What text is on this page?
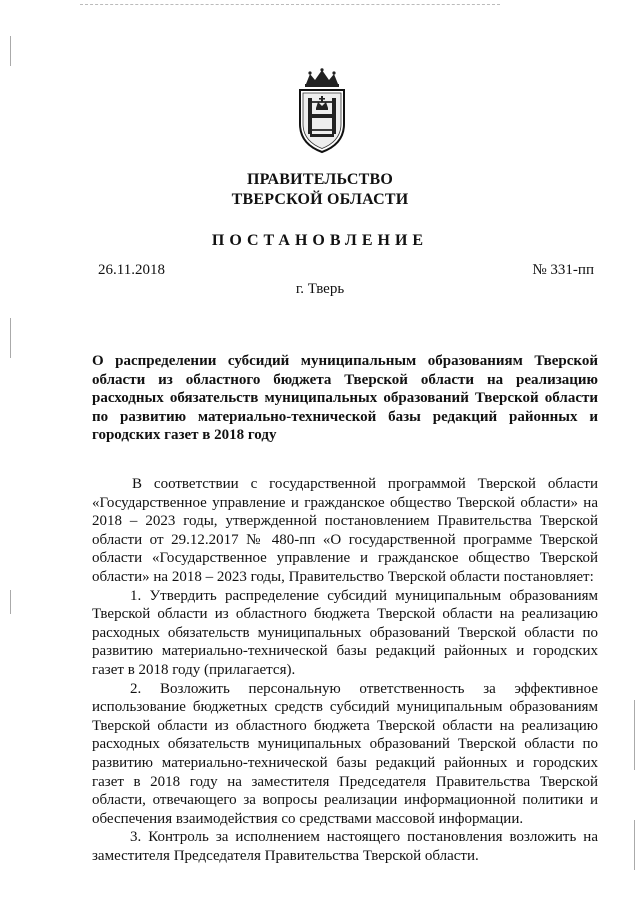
ПРАВИТЕЛЬСТВО
ТВЕРСКОЙ ОБЛАСТИ
ПОСТАНОВЛЕНИЕ
26.11.2018	№ 331-пп
г. Тверь
О распределении субсидий муниципальным образованиям Тверской области из областного бюджета Тверской области на реализацию расходных обязательств муниципальных образований Тверской области по развитию материально-технической базы редакций районных и городских газет в 2018 году

В соответствии с государственной программой Тверской области «Государственное управление и гражданское общество Тверской области» на 2018 – 2023 годы, утвержденной постановлением Правительства Тверской области от 29.12.2017 № 480-пп «О государственной программе Тверской области «Государственное управление и гражданское общество Тверской области» на 2018 – 2023 годы, Правительство Тверской области постановляет:

1. Утвердить распределение субсидий муниципальным образованиям Тверской области из областного бюджета Тверской области на реализацию расходных обязательств муниципальных образований Тверской области по развитию материально-технической базы редакций районных и городских газет в 2018 году (прилагается).

2. Возложить персональную ответственность за эффективное использование бюджетных средств субсидий муниципальным образованиям Тверской области из областного бюджета Тверской области на реализацию расходных обязательств муниципальных образований Тверской области по развитию материально-технической базы редакций районных и городских газет в 2018 году на заместителя Председателя Правительства Тверской области, отвечающего за вопросы реализации информационной политики и обеспечения взаимодействия со средствами массовой информации.

3. Контроль за исполнением настоящего постановления возложить на заместителя Председателя Правительства Тверской области.
